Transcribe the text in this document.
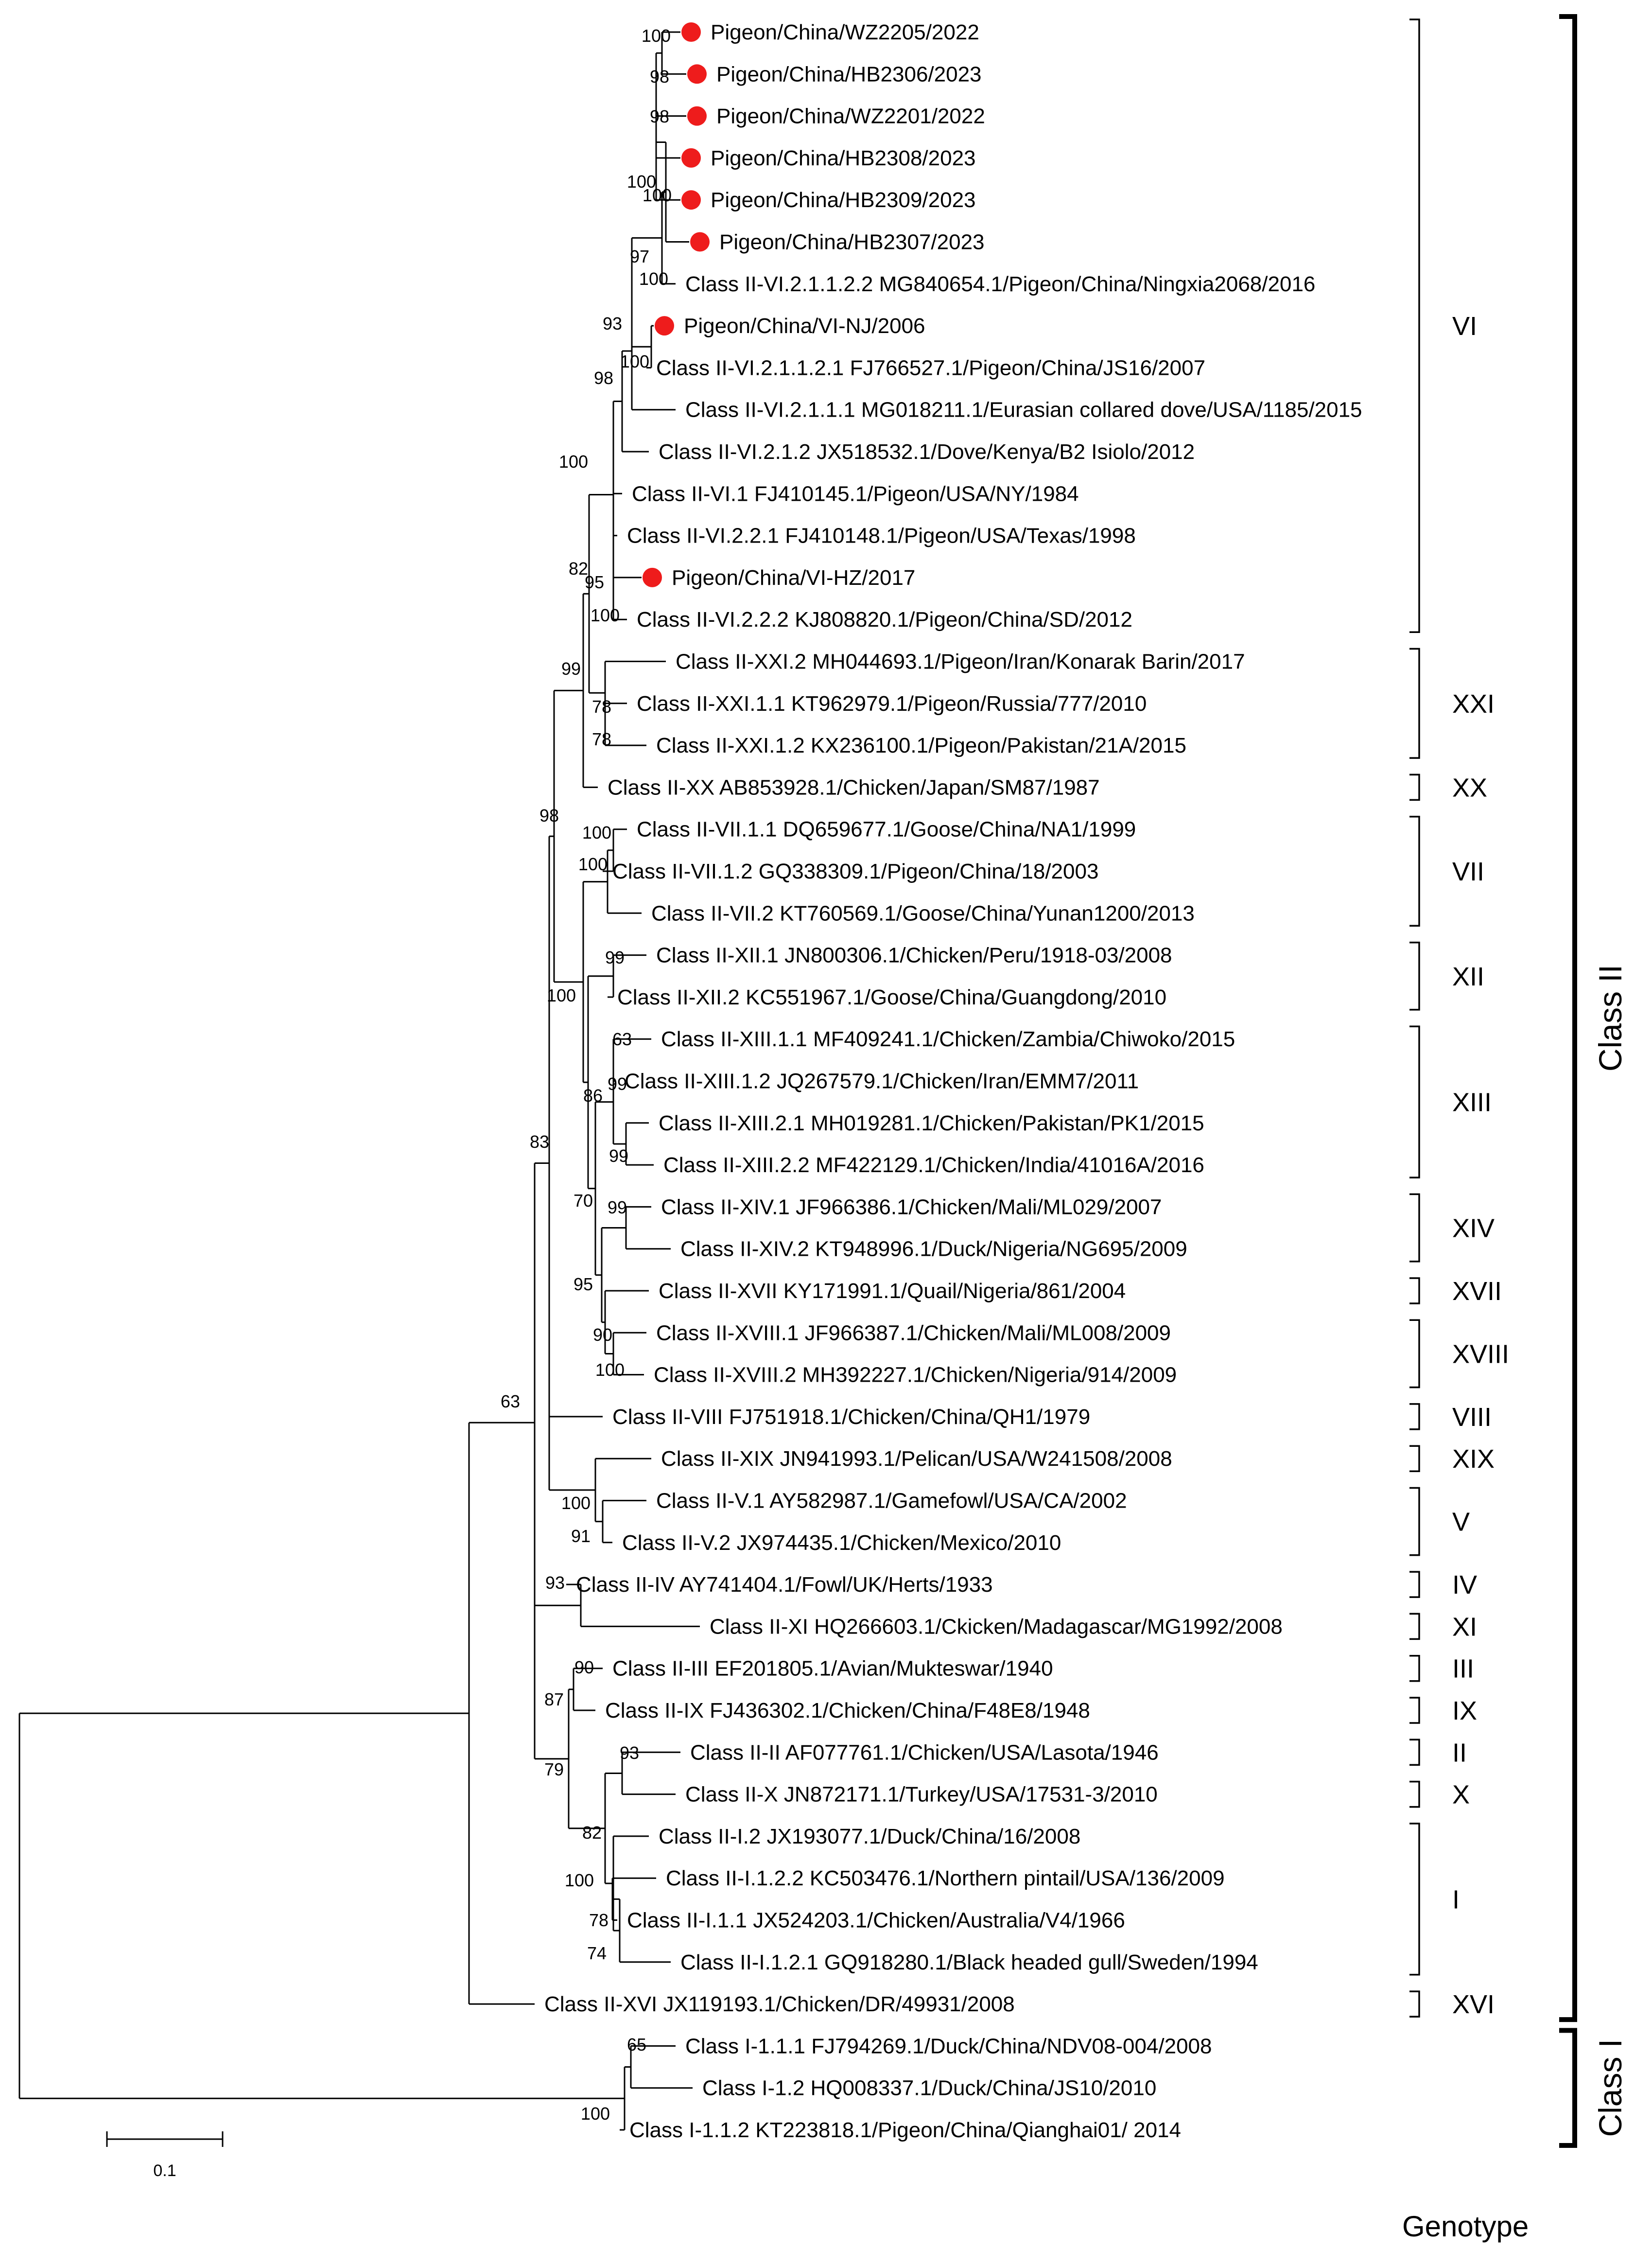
Pigeon/China/WZ2205/2022
Pigeon/China/HB2306/2023
Pigeon/China/WZ2201/2022
Pigeon/China/HB2308/2023
Pigeon/China/HB2309/2023
Pigeon/China/HB2307/2023
Class II-VI.2.1.1.2.2 MG840654.1/Pigeon/China/Ningxia2068/2016
Pigeon/China/VI-NJ/2006
Class II-VI.2.1.1.2.1 FJ766527.1/Pigeon/China/JS16/2007
Class II-VI.2.1.1.1 MG018211.1/Eurasian collared dove/USA/1185/2015
Class II-VI.2.1.2 JX518532.1/Dove/Kenya/B2 Isiolo/2012
Class II-VI.1 FJ410145.1/Pigeon/USA/NY/1984
Class II-VI.2.2.1 FJ410148.1/Pigeon/USA/Texas/1998
Pigeon/China/VI-HZ/2017
Class II-VI.2.2.2 KJ808820.1/Pigeon/China/SD/2012
Class II-XXI.2 MH044693.1/Pigeon/Iran/Konarak Barin/2017
Class II-XXI.1.1 KT962979.1/Pigeon/Russia/777/2010
Class II-XXI.1.2 KX236100.1/Pigeon/Pakistan/21A/2015
Class II-XX AB853928.1/Chicken/Japan/SM87/1987
Class II-VII.1.1 DQ659677.1/Goose/China/NA1/1999
Class II-VII.1.2 GQ338309.1/Pigeon/China/18/2003
Class II-VII.2 KT760569.1/Goose/China/Yunan1200/2013
Class II-XII.1 JN800306.1/Chicken/Peru/1918-03/2008
Class II-XII.2 KC551967.1/Goose/China/Guangdong/2010
Class II-XIII.1.1 MF409241.1/Chicken/Zambia/Chiwoko/2015
Class II-XIII.1.2 JQ267579.1/Chicken/Iran/EMM7/2011
Class II-XIII.2.1 MH019281.1/Chicken/Pakistan/PK1/2015
Class II-XIII.2.2 MF422129.1/Chicken/India/41016A/2016
Class II-XIV.1 JF966386.1/Chicken/Mali/ML029/2007
Class II-XIV.2 KT948996.1/Duck/Nigeria/NG695/2009
Class II-XVII KY171991.1/Quail/Nigeria/861/2004
Class II-XVIII.1 JF966387.1/Chicken/Mali/ML008/2009
Class II-XVIII.2 MH392227.1/Chicken/Nigeria/914/2009
Class II-VIII FJ751918.1/Chicken/China/QH1/1979
Class II-XIX JN941993.1/Pelican/USA/W241508/2008
Class II-V.1 AY582987.1/Gamefowl/USA/CA/2002
Class II-V.2 JX974435.1/Chicken/Mexico/2010
Class II-IV AY741404.1/Fowl/UK/Herts/1933
Class II-XI HQ266603.1/Ckicken/Madagascar/MG1992/2008
Class II-III EF201805.1/Avian/Mukteswar/1940
Class II-IX FJ436302.1/Chicken/China/F48E8/1948
Class II-II AF077761.1/Chicken/USA/Lasota/1946
Class II-X JN872171.1/Turkey/USA/17531-3/2010
Class II-I.2 JX193077.1/Duck/China/16/2008
Class II-I.1.2.2 KC503476.1/Northern pintail/USA/136/2009
Class II-I.1.1 JX524203.1/Chicken/Australia/V4/1966
Class II-I.1.2.1 GQ918280.1/Black headed gull/Sweden/1994
Class II-XVI JX119193.1/Chicken/DR/49931/2008
Class I-1.1.1 FJ794269.1/Duck/China/NDV08-004/2008
Class I-1.2 HQ008337.1/Duck/China/JS10/2010
Class I-1.1.2 KT223818.1/Pigeon/China/Qianghai01/ 2014
100
98
98
100
100
97
100
93
100
98
100
82
95
100
99
78
78
98
100
100
100
99
63
99
86
99
70 99
95
90
100
83
63
100
91
93
90
87
79
93
82
100
78
74
65
100
VI
XXI
XX
VII
XII
XIII
XIV
XVII
XVIII
VIII
XIX
V
IV
XI
III
IX
II
X
I
XVI
Class II
Class I
0.1
Genotype
